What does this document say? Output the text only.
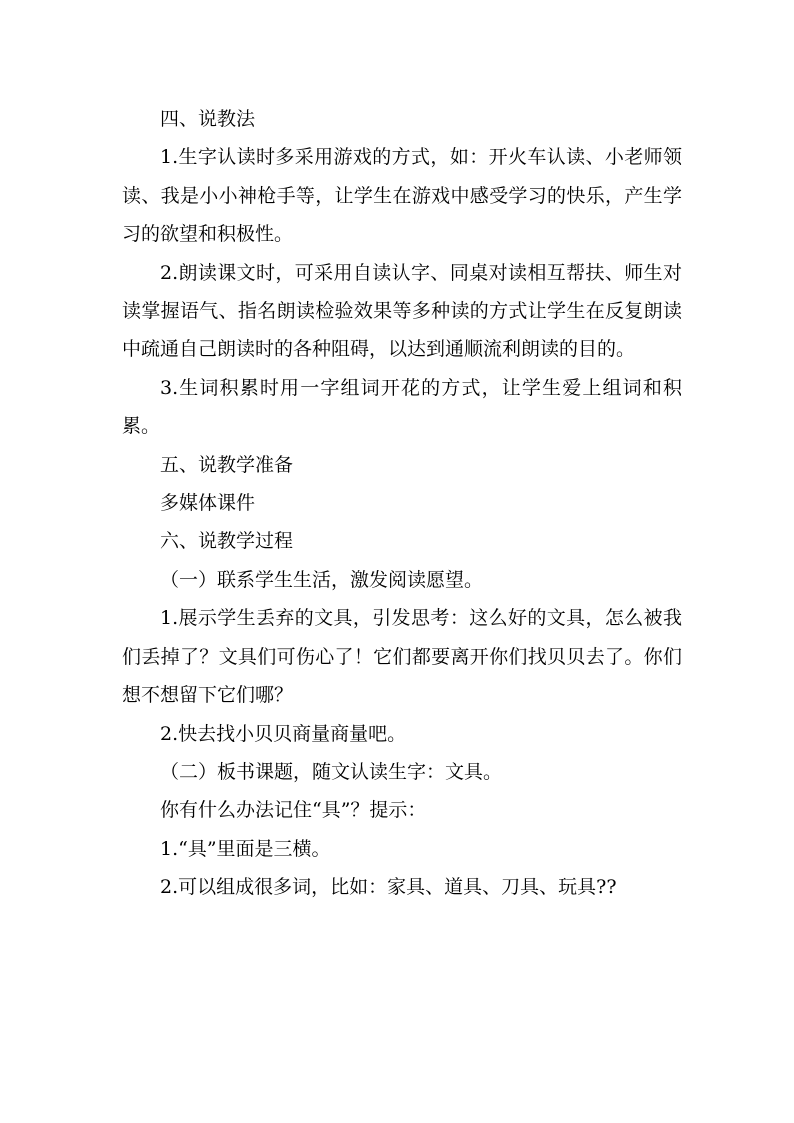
四、说教法

1.生字认读时多采用游戏的方式，如：开火车认读、小老师领读、我是小小神枪手等，让学生在游戏中感受学习的快乐，产生学习的欲望和积极性。

2.朗读课文时，可采用自读认字、同桌对读相互帮扶、师生对读掌握语气、指名朗读检验效果等多种读的方式让学生在反复朗读中疏通自己朗读时的各种阻碍，以达到通顺流利朗读的目的。

3.生词积累时用一字组词开花的方式，让学生爱上组词和积累。

五、说教学准备

多媒体课件

六、说教学过程

（一）联系学生生活，激发阅读愿望。

1.展示学生丢弃的文具，引发思考：这么好的文具，怎么被我们丢掉了？文具们可伤心了！它们都要离开你们找贝贝去了。你们想不想留下它们哪？

2.快去找小贝贝商量商量吧。

（二）板书课题，随文认读生字：文具。

你有什么办法记住“具”？提示：

1.“具”里面是三横。

2.可以组成很多词，比如：家具、道具、刀具、玩具??
